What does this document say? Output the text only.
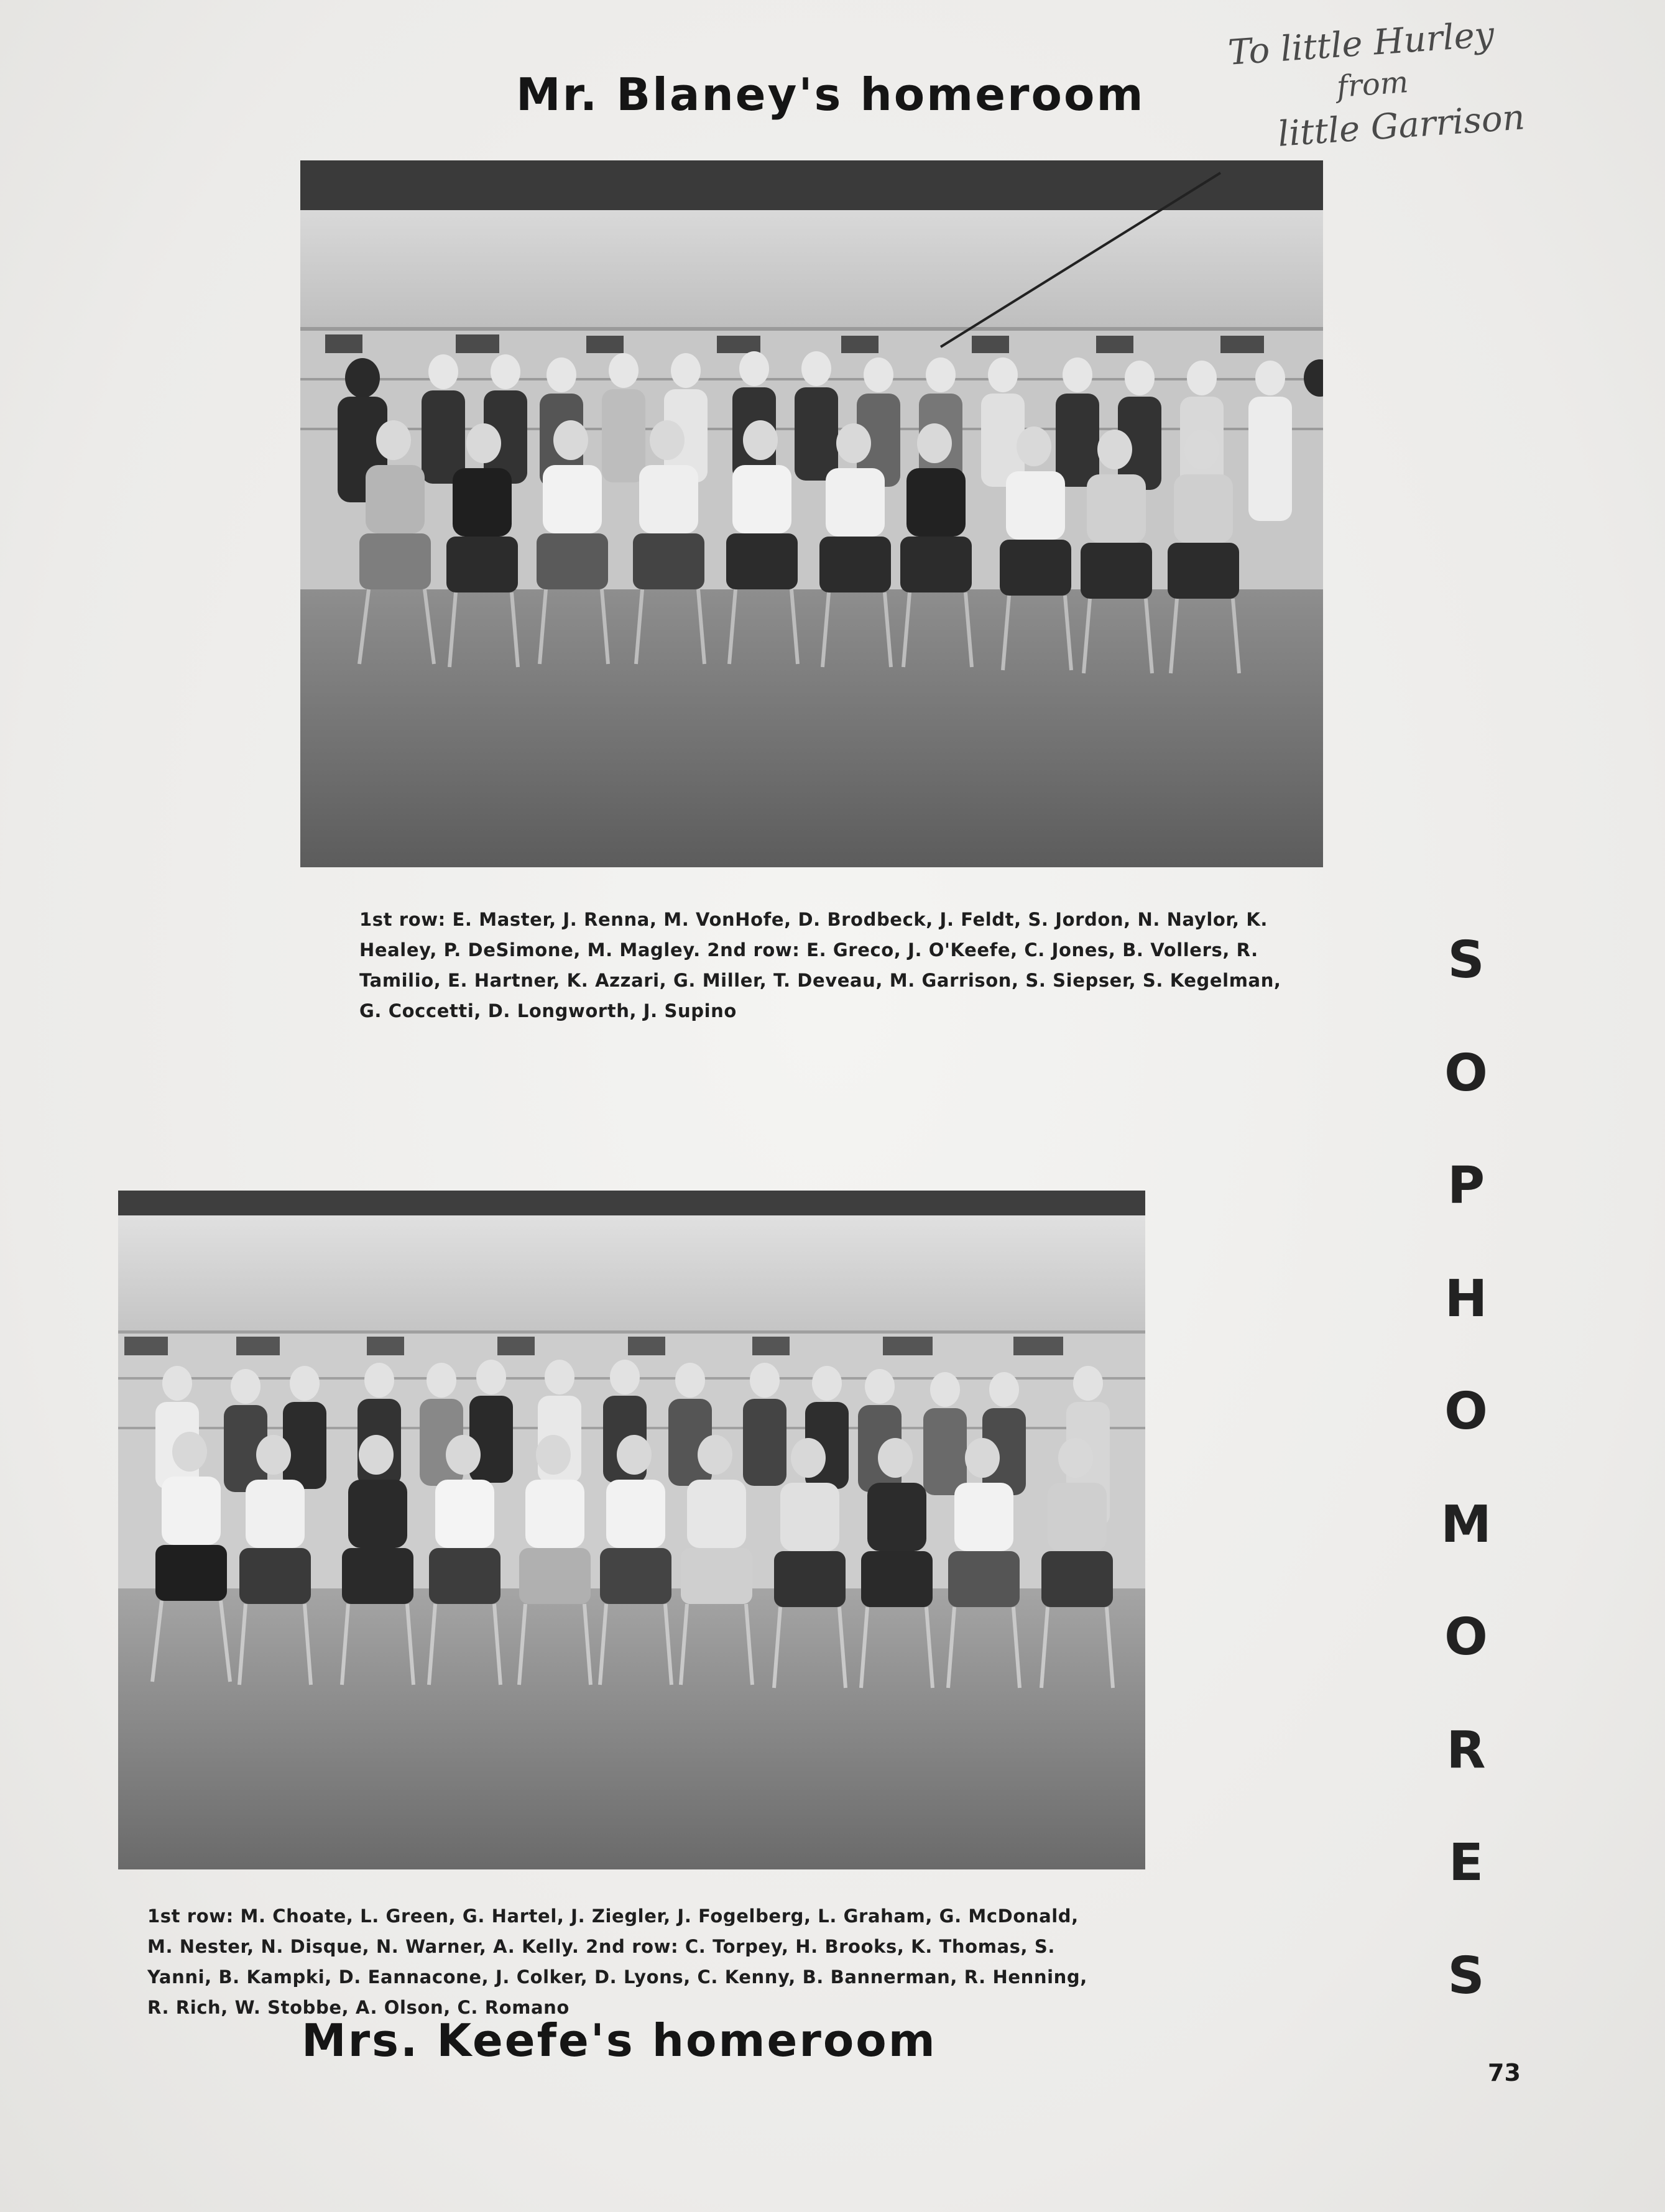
Mr. Blaney's homeroom
To little Hurley
from
little Garrison
1st row: E. Master, J. Renna, M. VonHofe, D. Brodbeck, J. Feldt, S. Jordon, N. Naylor, K.
Healey, P. DeSimone, M. Magley. 2nd row: E. Greco, J. O'Keefe, C. Jones, B. Vollers, R.
Tamilio, E. Hartner, K. Azzari, G. Miller, T. Deveau, M. Garrison, S. Siepser, S. Kegelman,
G. Coccetti, D. Longworth, J. Supino
1st row: M. Choate, L. Green, G. Hartel, J. Ziegler, J. Fogelberg, L. Graham, G. McDonald,
M. Nester, N. Disque, N. Warner, A. Kelly. 2nd row: C. Torpey, H. Brooks, K. Thomas, S.
Yanni, B. Kampki, D. Eannacone, J. Colker, D. Lyons, C. Kenny, B. Bannerman, R. Henning,
R. Rich, W. Stobbe, A. Olson, C. Romano
Mrs. Keefe's homeroom
S
O
P
H
O
M
O
R
E
S
73
